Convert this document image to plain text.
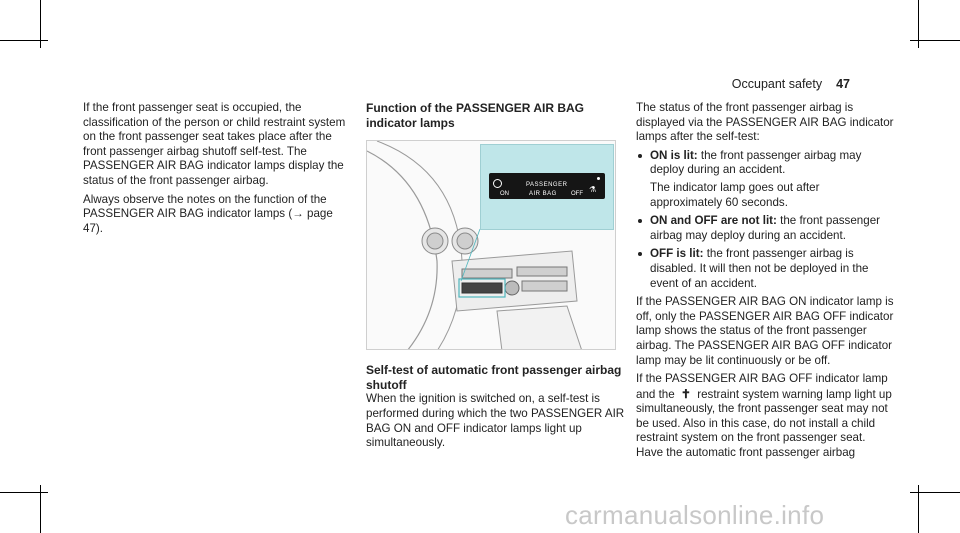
Occupant safety 47

If the front passenger seat is occupied, the classification of the person or child restraint system on the front passenger seat takes place after the front passenger airbag shutoff self-test. The PASSENGER AIR BAG indicator lamps display the status of the front passenger airbag.

Always observe the notes on the function of the PASSENGER AIR BAG indicator lamps (→ page 47).

Function of the PASSENGER AIR BAG indicator lamps
PASSENGER
ON	AIR BAG OFF ⚗
Self-test of automatic front passenger airbag shutoff

When the ignition is switched on, a self-test is performed during which the two PASSENGER AIR BAG ON and OFF indicator lamps light up simultaneously.

The status of the front passenger airbag is displayed via the PASSENGER AIR BAG indicator lamps after the self-test:

ON is lit: the front passenger airbag may deploy during an accident.
The indicator lamp goes out after approximately 60 seconds.
ON and OFF are not lit: the front passenger airbag may deploy during an accident.
OFF is lit: the front passenger airbag is disabled. It will then not be deployed in the event of an accident.

If the PASSENGER AIR BAG ON indicator lamp is off, only the PASSENGER AIR BAG OFF indicator lamp shows the status of the front passenger airbag. The PASSENGER AIR BAG OFF indicator lamp may be lit continuously or be off.

If the PASSENGER AIR BAG OFF indicator lamp and the ✝ restraint system warning lamp light up simultaneously, the front passenger seat may not be used. Also in this case, do not install a child restraint system on the front passenger seat. Have the automatic front passenger airbag

carmanualsonline.info
